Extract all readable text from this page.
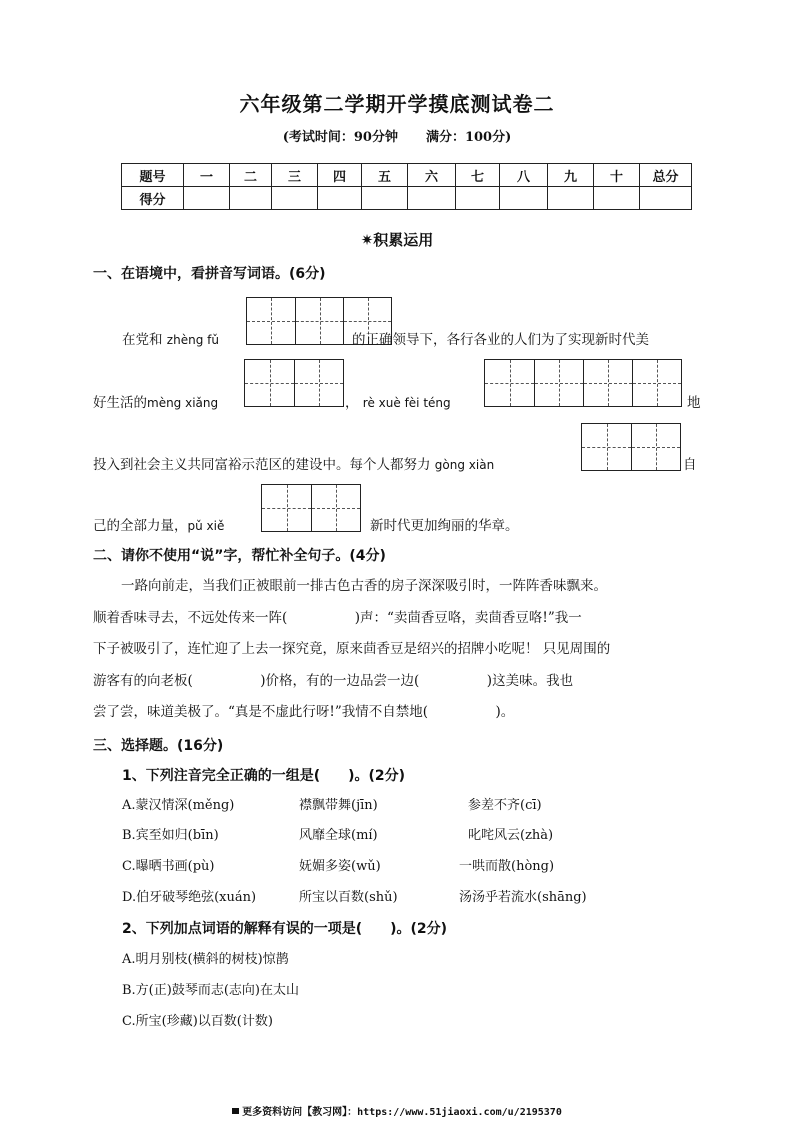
六年级第二学期开学摸底测试卷二
(考试时间：90分钟 满分：100分)
题号	一	二	三	四	五	六	七	八	九	十	总分
得分											
✷积累运用
一、在语境中，看拼音写词语。(6分)
在党和 zhèng fǔ	的正确领导下，各行各业的人们为了实现新时代美
好生活的mèng xiǎng	， rè xuè fèi téng	地
投入到社会主义共同富裕示范区的建设中。每个人都努力 gòng xiàn	自
己的全部力量，pǔ xiě	新时代更加绚丽的华章。
二、请你不使用“说”字，帮忙补全句子。(4分)

一路向前走，当我们正被眼前一排古色古香的房子深深吸引时，一阵阵香味飘来。

顺着香味寻去，不远处传来一阵(　　　　　)声：“卖茴香豆咯，卖茴香豆咯!”我一

下子被吸引了，连忙迎了上去一探究竟，原来茴香豆是绍兴的招牌小吃呢！ 只见周围的

游客有的向老板(　　　　　)价格，有的一边品尝一边(　　　　　)这美味。我也

尝了尝，味道美极了。“真是不虚此行呀!”我情不自禁地(　　　　　)。

三、选择题。(16分)
1、下列注音完全正确的一组是(　　)。(2分)
A.蒙汉情深(měng)	襟飘带舞(jīn)	参差不齐(cī)
B.宾至如归(bīn)	风靡全球(mí)	叱咤风云(zhà)
C.曝晒书画(pù)	妩媚多姿(wǔ)	一哄而散(hòng)
D.伯牙破琴绝弦(xuán)	所宝以百数(shǔ)	汤汤乎若流水(shāng)
2、下列加点词语的解释有误的一项是(　　)。(2分)
A.明月别枝(横斜的树枝)惊鹊
B.方(正)鼓琴而志(志向)在太山
C.所宝(珍藏)以百数(计数)
更多资料访问【教习网】：https://www.51jiaoxi.com/u/2195370
